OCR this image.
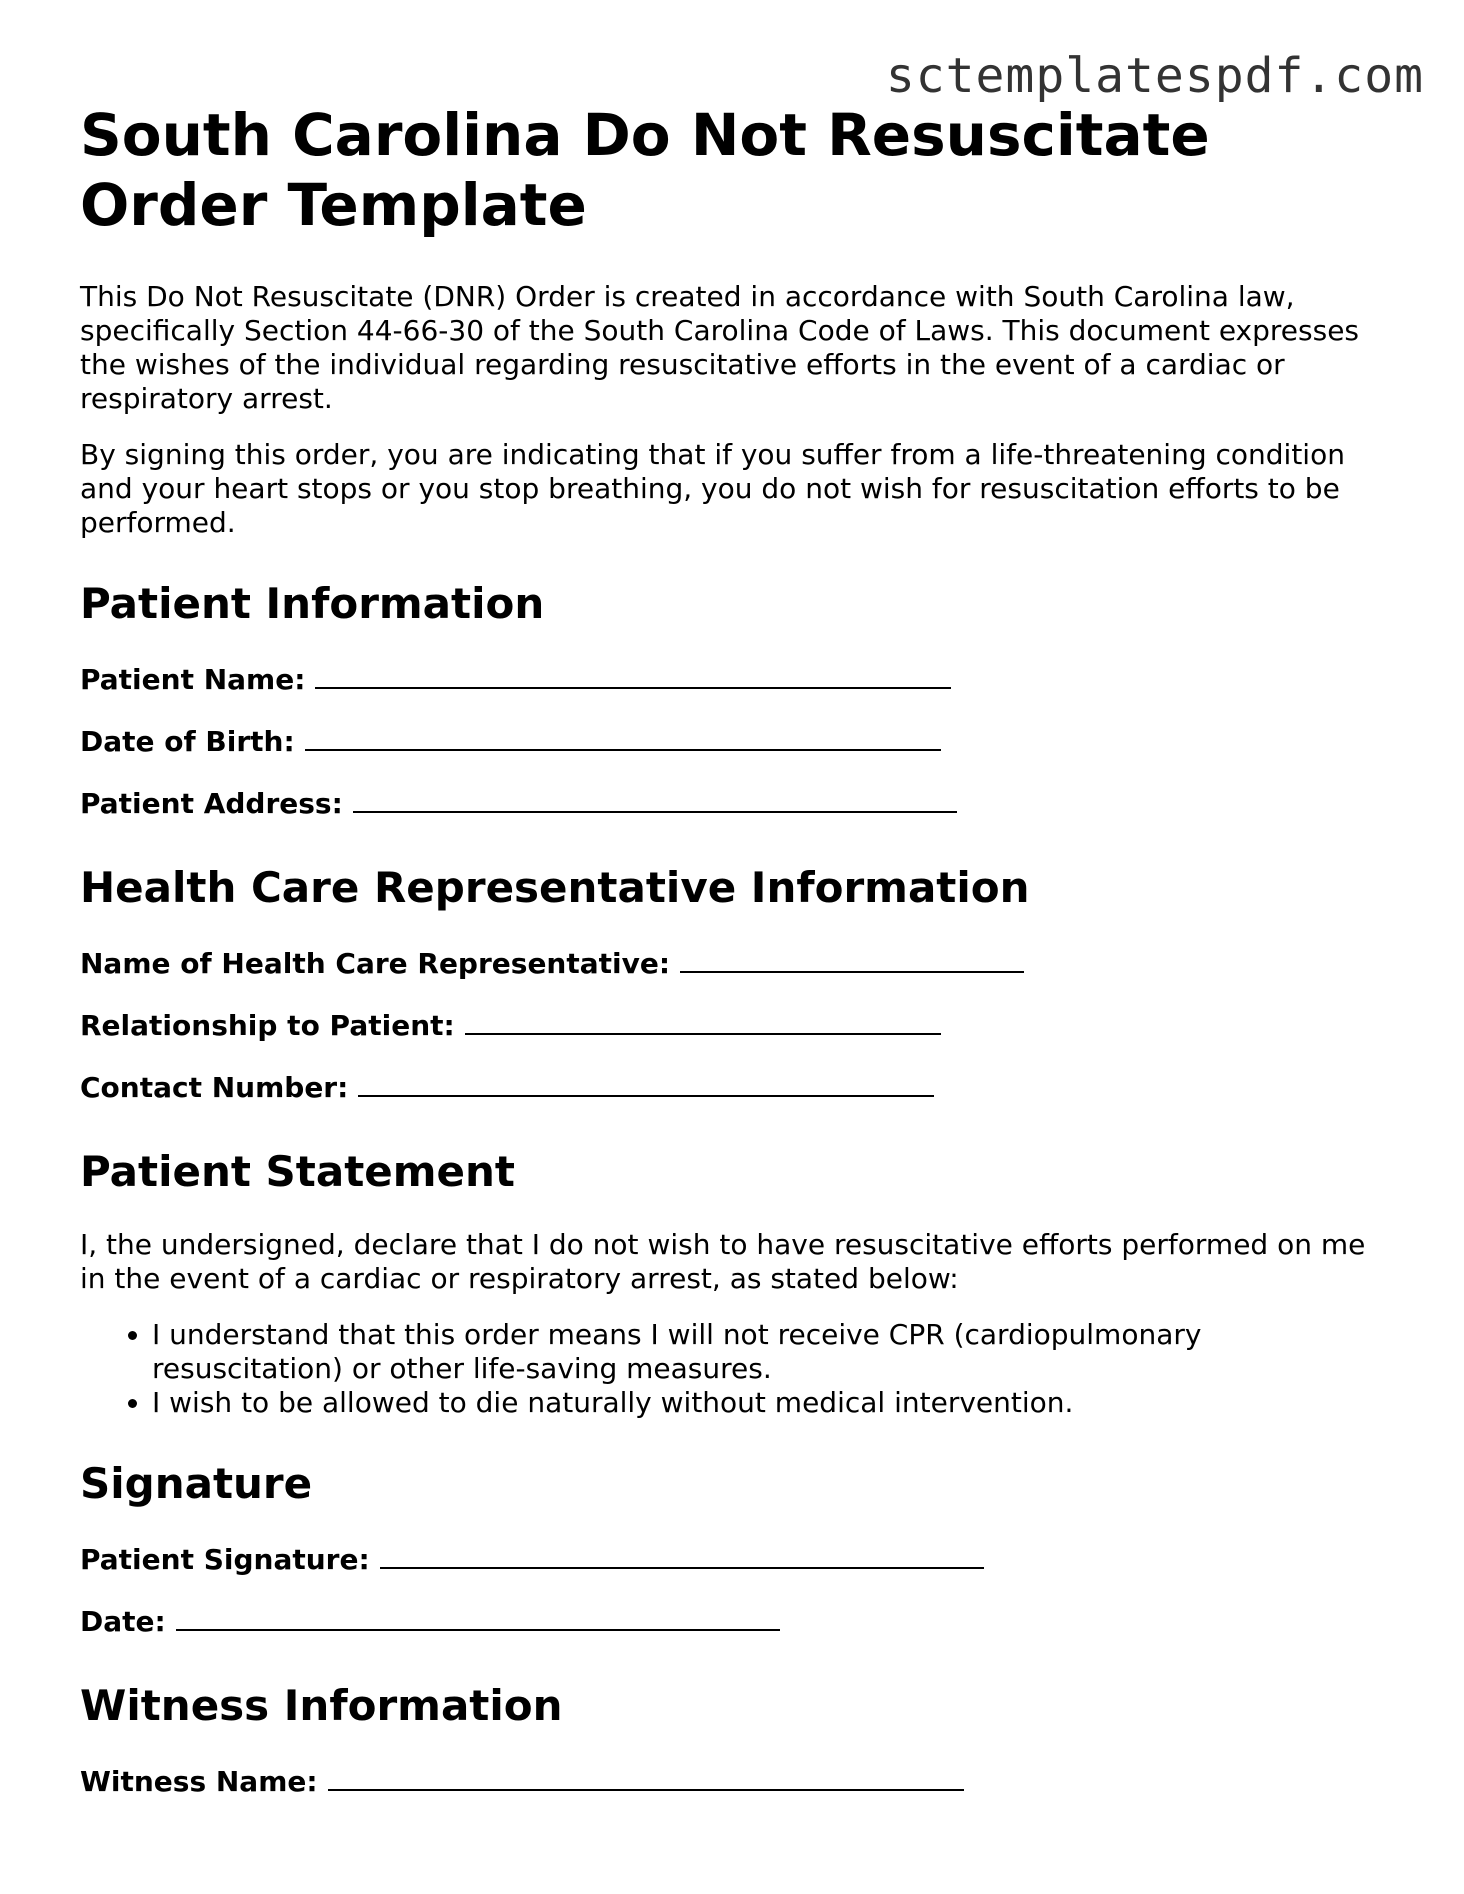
sctemplatespdf.com
South Carolina Do Not Resuscitate Order Template

This Do Not Resuscitate (DNR) Order is created in accordance with South Carolina law, specifically Section 44-66-30 of the South Carolina Code of Laws. This document expresses the wishes of the individual regarding resuscitative efforts in the event of a cardiac or respiratory arrest.

By signing this order, you are indicating that if you suffer from a life-threatening condition and your heart stops or you stop breathing, you do not wish for resuscitation efforts to be performed.

Patient Information
Patient Name:
Date of Birth:
Patient Address:
Health Care Representative Information
Name of Health Care Representative:
Relationship to Patient:
Contact Number:
Patient Statement

I, the undersigned, declare that I do not wish to have resuscitative efforts performed on me in the event of a cardiac or respiratory arrest, as stated below:

• I understand that this order means I will not receive CPR (cardiopulmonary resuscitation) or other life-saving measures.
• I wish to be allowed to die naturally without medical intervention.
Signature
Patient Signature:
Date:
Witness Information
Witness Name:
